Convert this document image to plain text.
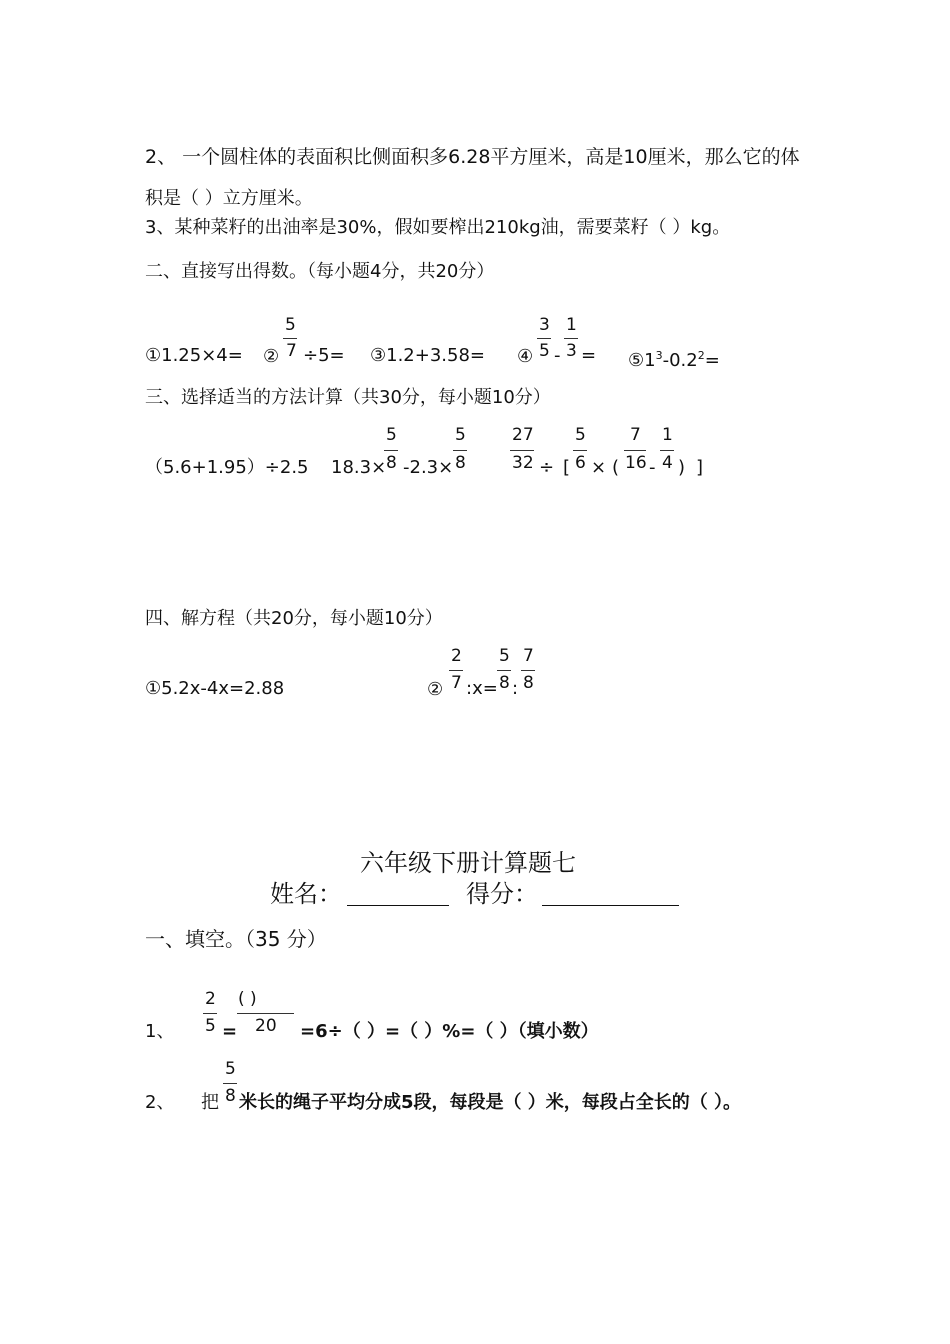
2、 一个圆柱体的表面积比侧面积多6.28平方厘米，高是10厘米，那么它的体
积是（ ）立方厘米。
3、某种菜籽的出油率是30%，假如要榨出210kg油，需要菜籽（ ）kg。
二、直接写出得数。（每小题4分，共20分）
①1.25×4= ②
5
7 ÷5= ③1.2+3.58= ④
3
5 -
1
$3 = ⑤1^3-0.2^2=$
三、选择适当的方法计算（共30分，每小题10分）
（5.6+1.95）÷2.5 18.3×
5
8 -2.3×
5
8
27
32 ÷ [
5
6 × (
7
16 -
1
4 ) ]
四、解方程（共20分，每小题10分）
①5.2x-4x=2.88	②
2
7 :x=
5
8 :
7
8
六年级下册计算题七
姓名：	得分：
一、填空。（35 分）
1、
2
5 =
( )
20 =6÷（ ）=（ ）%=（ ）（填小数）
2、 把
5
8 米长的绳子平均分成5段，每段是（ ）米，每段占全长的（ ）。
